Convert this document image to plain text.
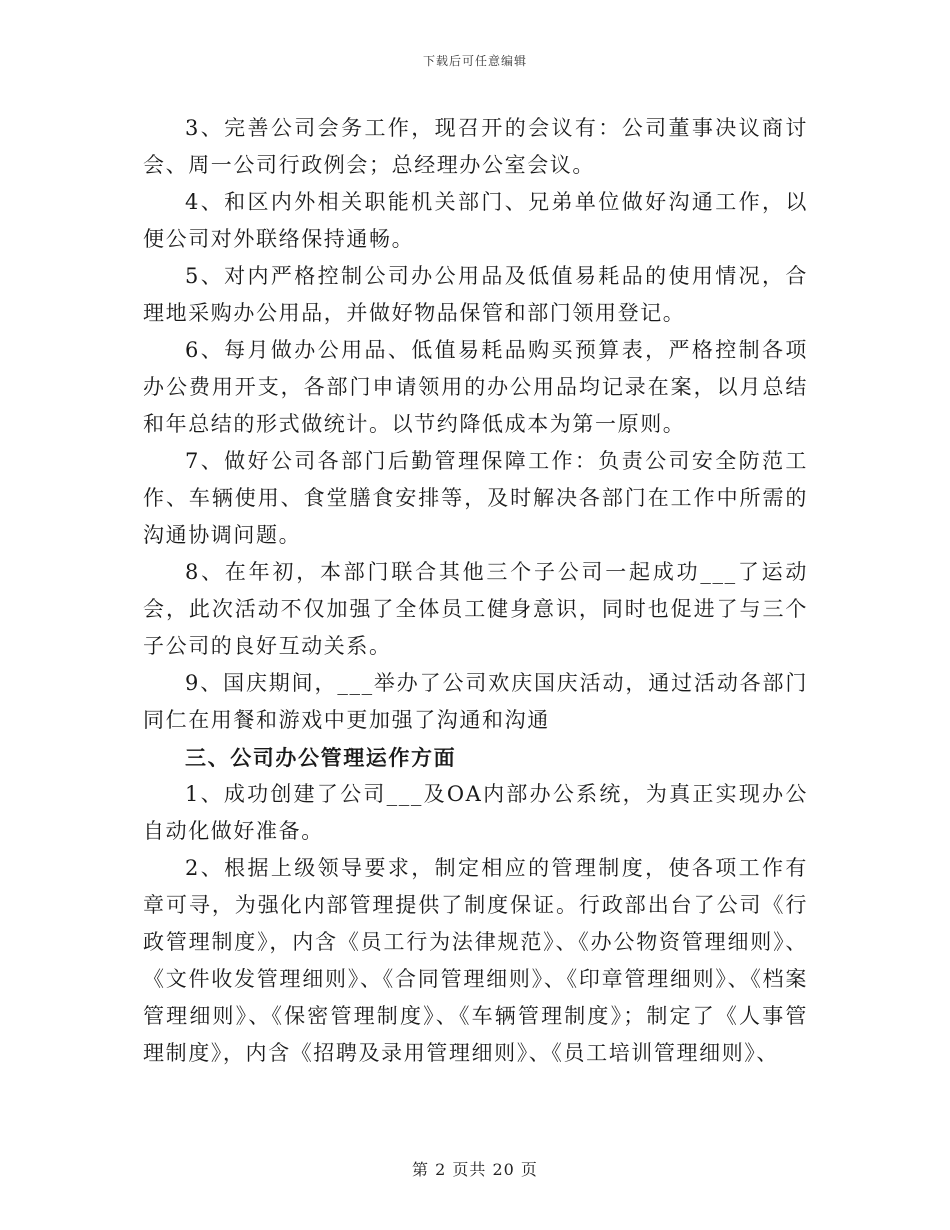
下载后可任意编辑

3、完善公司会务工作，现召开的会议有：公司董事决议商讨会、周一公司行政例会；总经理办公室会议。

4、和区内外相关职能机关部门、兄弟单位做好沟通工作，以便公司对外联络保持通畅。

5、对内严格控制公司办公用品及低值易耗品的使用情况，合理地采购办公用品，并做好物品保管和部门领用登记。

6、每月做办公用品、低值易耗品购买预算表，严格控制各项办公费用开支，各部门申请领用的办公用品均记录在案，以月总结和年总结的形式做统计。以节约降低成本为第一原则。

7、做好公司各部门后勤管理保障工作：负责公司安全防范工作、车辆使用、食堂膳食安排等，及时解决各部门在工作中所需的沟通协调问题。

8、在年初，本部门联合其他三个子公司一起成功___了运动会，此次活动不仅加强了全体员工健身意识，同时也促进了与三个子公司的良好互动关系。

9、国庆期间，___举办了公司欢庆国庆活动，通过活动各部门同仁在用餐和游戏中更加强了沟通和沟通

三、公司办公管理运作方面

1、成功创建了公司___及OA内部办公系统，为真正实现办公自动化做好准备。

2、根据上级领导要求，制定相应的管理制度，使各项工作有章可寻，为强化内部管理提供了制度保证。行政部出台了公司《行政管理制度》，内含《员工行为法律规范》、《办公物资管理细则》、《文件收发管理细则》、《合同管理细则》、《印章管理细则》、《档案管理细则》、《保密管理制度》、《车辆管理制度》；制定了《人事管理制度》，内含《招聘及录用管理细则》、《员工培训管理细则》、

第 2 页共 20 页
